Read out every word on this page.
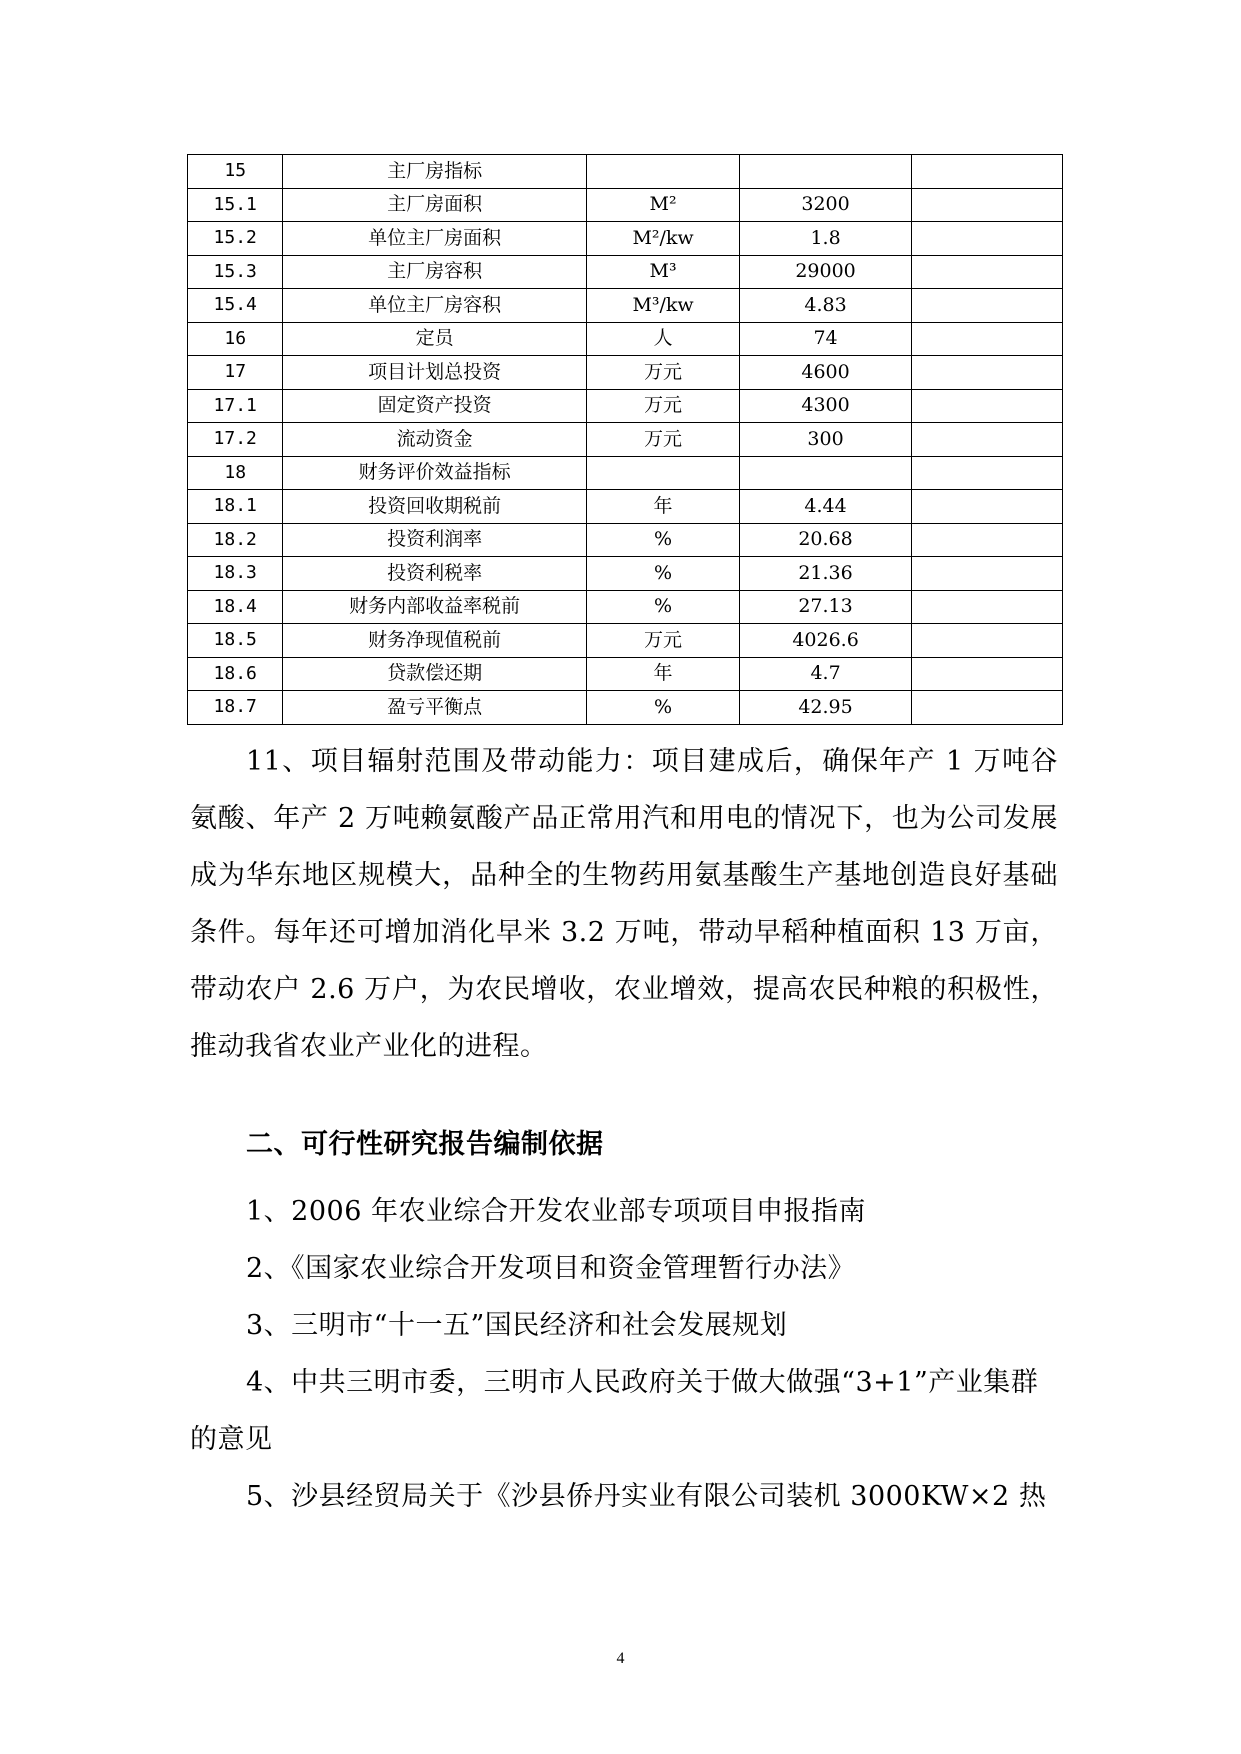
15	主厂房指标			
15.1	主厂房面积	M²	3200	
15.2	单位主厂房面积	M²/kw	1.8	
15.3	主厂房容积	M³	29000	
15.4	单位主厂房容积	M³/kw	4.83	
16	定员	人	74	
17	项目计划总投资	万元	4600	
17.1	固定资产投资	万元	4300	
17.2	流动资金	万元	300	
18	财务评价效益指标			
18.1	投资回收期税前	年	4.44	
18.2	投资利润率	%	20.68	
18.3	投资利税率	%	21.36	
18.4	财务内部收益率税前	%	27.13	
18.5	财务净现值税前	万元	4026.6	
18.6	贷款偿还期	年	4.7	
18.7	盈亏平衡点	%	42.95	
11、项目辐射范围及带动能力：项目建成后，确保年产 1 万吨谷氨酸、年产 2 万吨赖氨酸产品正常用汽和用电的情况下，也为公司发展成为华东地区规模大，品种全的生物药用氨基酸生产基地创造良好基础条件。每年还可增加消化早米 3.2 万吨，带动早稻种植面积 13 万亩，带动农户 2.6 万户，为农民增收，农业增效，提高农民种粮的积极性，推动我省农业产业化的进程。
二、可行性研究报告编制依据
1、2006 年农业综合开发农业部专项项目申报指南
2、《国家农业综合开发项目和资金管理暂行办法》
3、三明市“十一五”国民经济和社会发展规划
4、中共三明市委，三明市人民政府关于做大做强“3+1”产业集群的意见
5、沙县经贸局关于《沙县侨丹实业有限公司装机 3000KW×2 热
4
